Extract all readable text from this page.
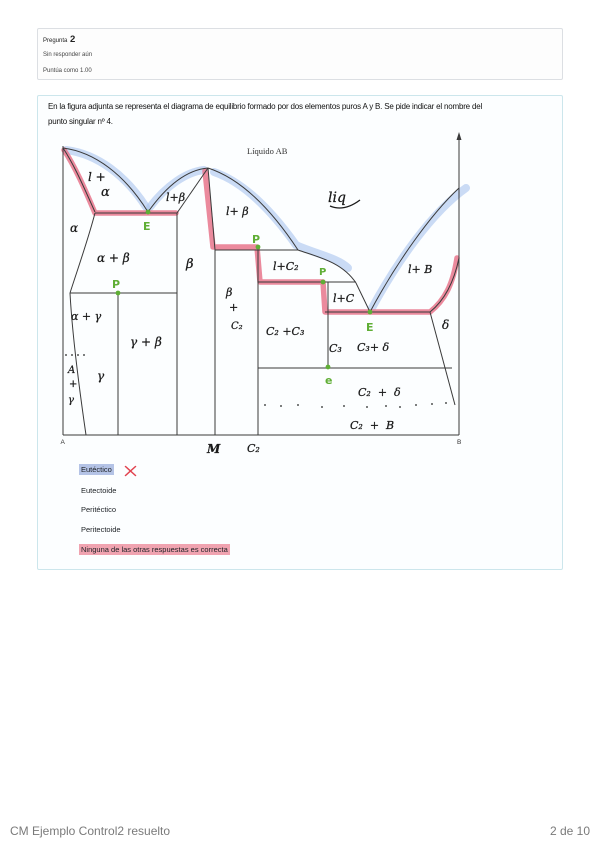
Pregunta 2
Sin responder aún
Puntúa como 1.00
En la figura adjunta se representa el diagrama de equilibrio formado por dos elementos puros A y B. Se pide indicar el nombre del
punto singular nº 4.
Líquido AB
A	B
l +
α	l+β
l+ β
liq
α
α + β	β
β
+
C₂
l+C₂
l+C
l+ B
α + γ
γ + β
C₂ +C₃
C₃ C₃+ δ
δ
A
+
γ
γ
C₂  +  δ
C₂  +  B
M C₂
E
P
P
P
E
e
Eutéctico
Eutectoide
Peritéctico
Peritectoide
Ninguna de las otras respuestas es correcta
CM Ejemplo Control2 resuelto	2 de 10
